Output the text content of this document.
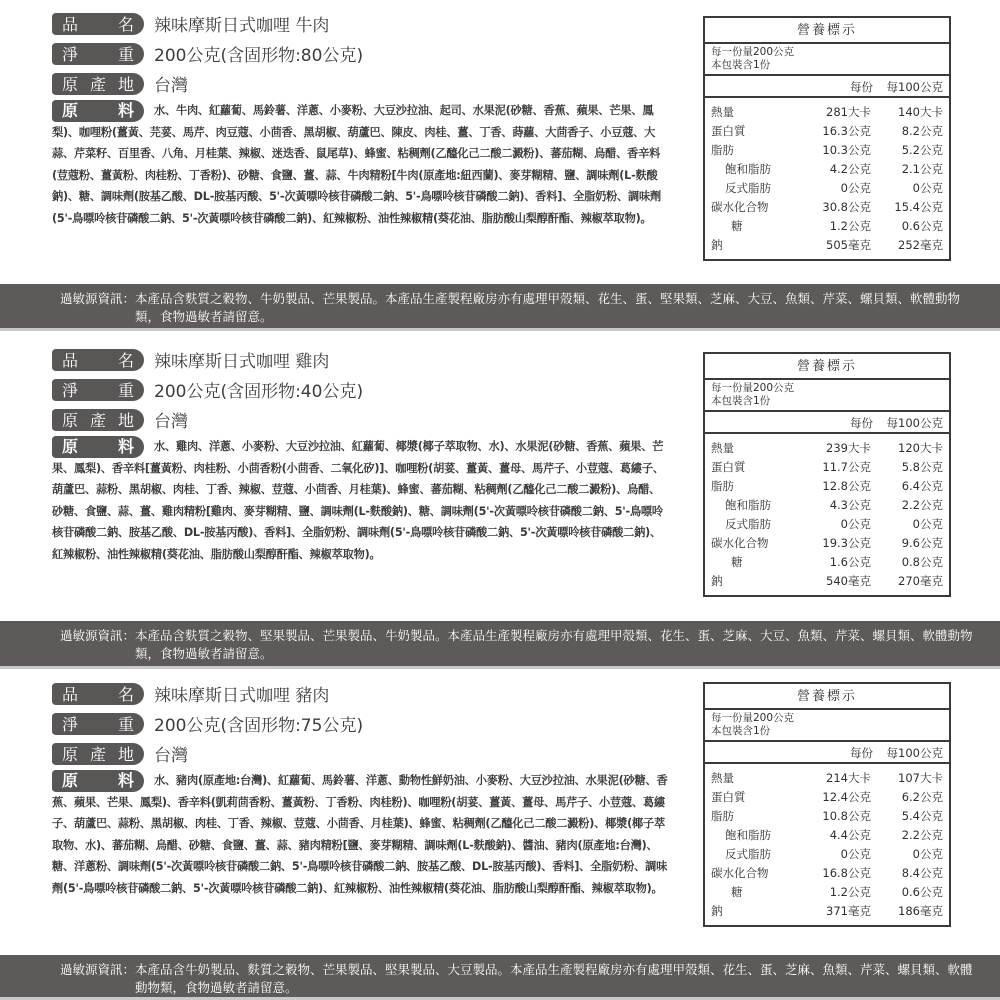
品 名 辣味摩斯日式咖哩 牛肉
淨 重 200公克(含固形物:80公克)
原 產 地 台灣
原 料	水、牛肉、紅蘿蔔、馬鈴薯、洋蔥、小麥粉、大豆沙拉油、起司、水果泥(砂糖、香蕉、蘋果、芒果、鳳梨)、咖哩粉(薑黃、芫荽、馬芹、肉豆蔻、小茴香、黑胡椒、葫蘆巴、陳皮、肉桂、薑、丁香、蒔蘿、大茴香子、小豆蔻、大蒜、芹菜籽、百里香、八角、月桂葉、辣椒、迷迭香、鼠尾草)、蜂蜜、粘稠劑(乙醯化己二酸二澱粉)、蕃茄糊、烏醋、香辛料(荳蔻粉、薑黃粉、肉桂粉、丁香粉)、砂糖、食鹽、薑、蒜、牛肉精粉[牛肉(原產地:紐西蘭)、麥芽糊精、鹽、調味劑(L-麩酸鈉)、糖、調味劑(胺基乙酸、DL-胺基丙酸、5'-次黃嘌呤核苷磷酸二鈉、5'-鳥嘌呤核苷磷酸二鈉)、香料]、全脂奶粉、調味劑(5'-鳥嘌呤核苷磷酸二鈉、5'-次黃嘌呤核苷磷酸二鈉)、紅辣椒粉、油性辣椒精(葵花油、脂肪酸山梨醇酐酯、辣椒萃取物)。
營養標示
每一份量200公克
本包裝含1份
每份	每100公克
熱量	281大卡	140大卡
蛋白質	16.3公克	8.2公克
脂肪	10.3公克	5.2公克
飽和脂肪	4.2公克	2.1公克
反式脂肪	0公克	0公克
碳水化合物	30.8公克	15.4公克
糖	1.2公克	0.6公克
鈉	505毫克	252毫克
過敏源資訊： 本產品含麩質之穀物、牛奶製品、芒果製品。本產品生產製程廠房亦有處理甲殼類、花生、蛋、堅果類、芝麻、大豆、魚類、芹菜、螺貝類、軟體動物類，食物過敏者請留意。
品 名 辣味摩斯日式咖哩 雞肉
淨 重 200公克(含固形物:40公克)
原 產 地 台灣
原 料	水、雞肉、洋蔥、小麥粉、大豆沙拉油、紅蘿蔔、椰漿(椰子萃取物、水)、水果泥(砂糖、香蕉、蘋果、芒果、鳳梨)、香辛料[薑黃粉、肉桂粉、小茴香粉(小茴香、二氧化矽)]、咖哩粉(胡荽、薑黃、薑母、馬芹子、小荳蔻、葛縷子、葫蘆巴、蒜粉、黑胡椒、肉桂、丁香、辣椒、荳蔻、小茴香、月桂葉)、蜂蜜、蕃茄糊、粘稠劑(乙醯化己二酸二澱粉)、烏醋、砂糖、食鹽、蒜、薑、雞肉精粉[雞肉、麥芽糊精、鹽、調味劑(L-麩酸鈉)、糖、調味劑(5'-次黃嘌呤核苷磷酸二鈉、5'-鳥嘌呤核苷磷酸二鈉、胺基乙酸、DL-胺基丙酸)、香料]、全脂奶粉、調味劑(5'-鳥嘌呤核苷磷酸二鈉、5'-次黃嘌呤核苷磷酸二鈉)、紅辣椒粉、油性辣椒精(葵花油、脂肪酸山梨醇酐酯、辣椒萃取物)。
營養標示
每一份量200公克
本包裝含1份
每份	每100公克
熱量	239大卡	120大卡
蛋白質	11.7公克	5.8公克
脂肪	12.8公克	6.4公克
飽和脂肪	4.3公克	2.2公克
反式脂肪	0公克	0公克
碳水化合物	19.3公克	9.6公克
糖	1.6公克	0.8公克
鈉	540毫克	270毫克
過敏源資訊： 本產品含麩質之穀物、堅果製品、芒果製品、牛奶製品。本產品生產製程廠房亦有處理甲殼類、花生、蛋、芝麻、大豆、魚類、芹菜、螺貝類、軟體動物類，食物過敏者請留意。
品 名 辣味摩斯日式咖哩 豬肉
淨 重 200公克(含固形物:75公克)
原 產 地 台灣
原 料	水、豬肉(原產地:台灣)、紅蘿蔔、馬鈴薯、洋蔥、動物性鮮奶油、小麥粉、大豆沙拉油、水果泥(砂糖、香蕉、蘋果、芒果、鳳梨)、香辛料(凱莉茴香粉、薑黃粉、丁香粉、肉桂粉)、咖哩粉(胡荽、薑黃、薑母、馬芹子、小荳蔻、葛縷子、葫蘆巴、蒜粉、黑胡椒、肉桂、丁香、辣椒、荳蔻、小茴香、月桂葉)、蜂蜜、粘稠劑(乙醯化己二酸二澱粉)、椰漿(椰子萃取物、水)、蕃茄糊、烏醋、砂糖、食鹽、薑、蒜、豬肉精粉[鹽、麥芽糊精、調味劑(L-麩酸鈉)、醬油、豬肉(原產地:台灣)、糖、洋蔥粉、調味劑(5'-次黃嘌呤核苷磷酸二鈉、5'-鳥嘌呤核苷磷酸二鈉、胺基乙酸、DL-胺基丙酸)、香料]、全脂奶粉、調味劑(5'-鳥嘌呤核苷磷酸二鈉、5'-次黃嘌呤核苷磷酸二鈉)、紅辣椒粉、油性辣椒精(葵花油、脂肪酸山梨醇酐酯、辣椒萃取物)。
營養標示
每一份量200公克
本包裝含1份
每份	每100公克
熱量	214大卡	107大卡
蛋白質	12.4公克	6.2公克
脂肪	10.8公克	5.4公克
飽和脂肪	4.4公克	2.2公克
反式脂肪	0公克	0公克
碳水化合物	16.8公克	8.4公克
糖	1.2公克	0.6公克
鈉	371毫克	186毫克
過敏源資訊： 本產品含牛奶製品、麩質之穀物、芒果製品、堅果製品、大豆製品。本產品生產製程廠房亦有處理甲殼類、花生、蛋、芝麻、魚類、芹菜、螺貝類、軟體動物類，食物過敏者請留意。
